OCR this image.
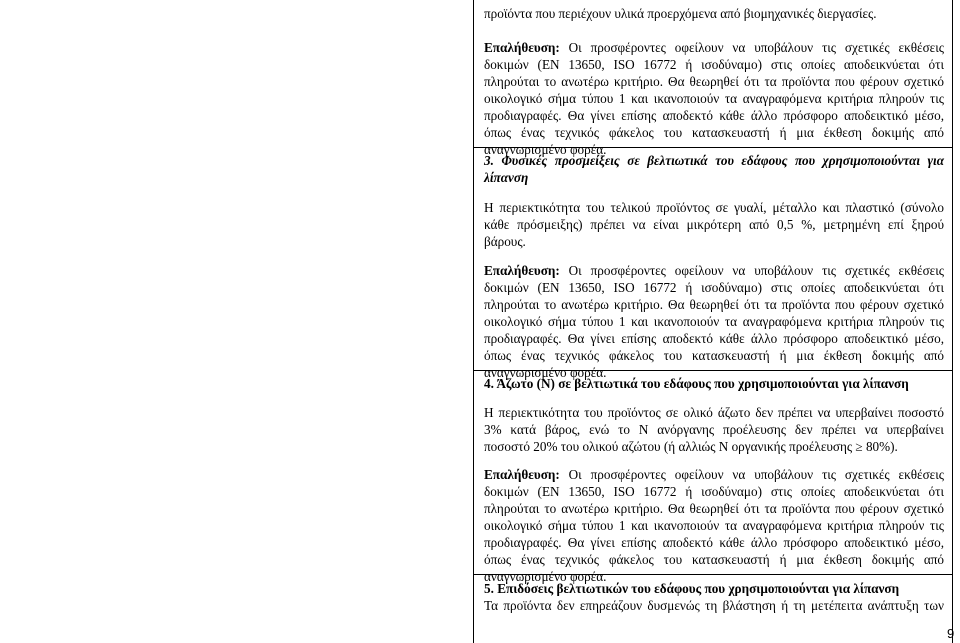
προϊόντα που περιέχουν υλικά προερχόμενα από βιομηχανικές διεργασίες.
Επαλήθευση: Οι προσφέροντες οφείλουν να υποβάλουν τις σχετικές εκθέσεις
δοκιμών (ΕΝ 13650, ISO 16772 ή ισοδύναμο) στις οποίες αποδεικνύεται ότι
πληρούται το ανωτέρω κριτήριο. Θα θεωρηθεί ότι τα προϊόντα που φέρουν σχετικό
οικολογικό σήμα τύπου 1 και ικανοποιούν τα αναγραφόμενα κριτήρια πληρούν τις
προδιαγραφές. Θα γίνει επίσης αποδεκτό κάθε άλλο πρόσφορο αποδεικτικό μέσο,
όπως ένας τεχνικός φάκελος του κατασκευαστή ή μια έκθεση δοκιμής από
αναγνωρισμένο φορέα.
3. Φυσικές προσμείξεις σε βελτιωτικά του εδάφους που χρησιμοποιούνται για
λίπανση
Η περιεκτικότητα του τελικού προϊόντος σε γυαλί, μέταλλο και πλαστικό (σύνολο
κάθε πρόσμειξης) πρέπει να είναι μικρότερη από 0,5 %, μετρημένη επί ξηρού
βάρους.
Επαλήθευση: Οι προσφέροντες οφείλουν να υποβάλουν τις σχετικές εκθέσεις
δοκιμών (ΕΝ 13650, ISO 16772 ή ισοδύναμο) στις οποίες αποδεικνύεται ότι
πληρούται το ανωτέρω κριτήριο. Θα θεωρηθεί ότι τα προϊόντα που φέρουν σχετικό
οικολογικό σήμα τύπου 1 και ικανοποιούν τα αναγραφόμενα κριτήρια πληρούν τις
προδιαγραφές. Θα γίνει επίσης αποδεκτό κάθε άλλο πρόσφορο αποδεικτικό μέσο,
όπως ένας τεχνικός φάκελος του κατασκευαστή ή μια έκθεση δοκιμής από
αναγνωρισμένο φορέα.
4. Άζωτο (Ν) σε βελτιωτικά του εδάφους που χρησιμοποιούνται για λίπανση
Η περιεκτικότητα του προϊόντος σε ολικό άζωτο δεν πρέπει να υπερβαίνει ποσοστό
3% κατά βάρος, ενώ το Ν ανόργανης προέλευσης δεν πρέπει να υπερβαίνει
ποσοστό 20% του ολικού αζώτου (ή αλλιώς Ν οργανικής προέλευσης ≥ 80%).
Επαλήθευση: Οι προσφέροντες οφείλουν να υποβάλουν τις σχετικές εκθέσεις
δοκιμών (ΕΝ 13650, ISO 16772 ή ισοδύναμο) στις οποίες αποδεικνύεται ότι
πληρούται το ανωτέρω κριτήριο. Θα θεωρηθεί ότι τα προϊόντα που φέρουν σχετικό
οικολογικό σήμα τύπου 1 και ικανοποιούν τα αναγραφόμενα κριτήρια πληρούν τις
προδιαγραφές. Θα γίνει επίσης αποδεκτό κάθε άλλο πρόσφορο αποδεικτικό μέσο,
όπως ένας τεχνικός φάκελος του κατασκευαστή ή μια έκθεση δοκιμής από
αναγνωρισμένο φορέα.
5. Επιδόσεις βελτιωτικών του εδάφους που χρησιμοποιούνται για λίπανση
Τα προϊόντα δεν επηρεάζουν δυσμενώς τη βλάστηση ή τη μετέπειτα ανάπτυξη των
9
